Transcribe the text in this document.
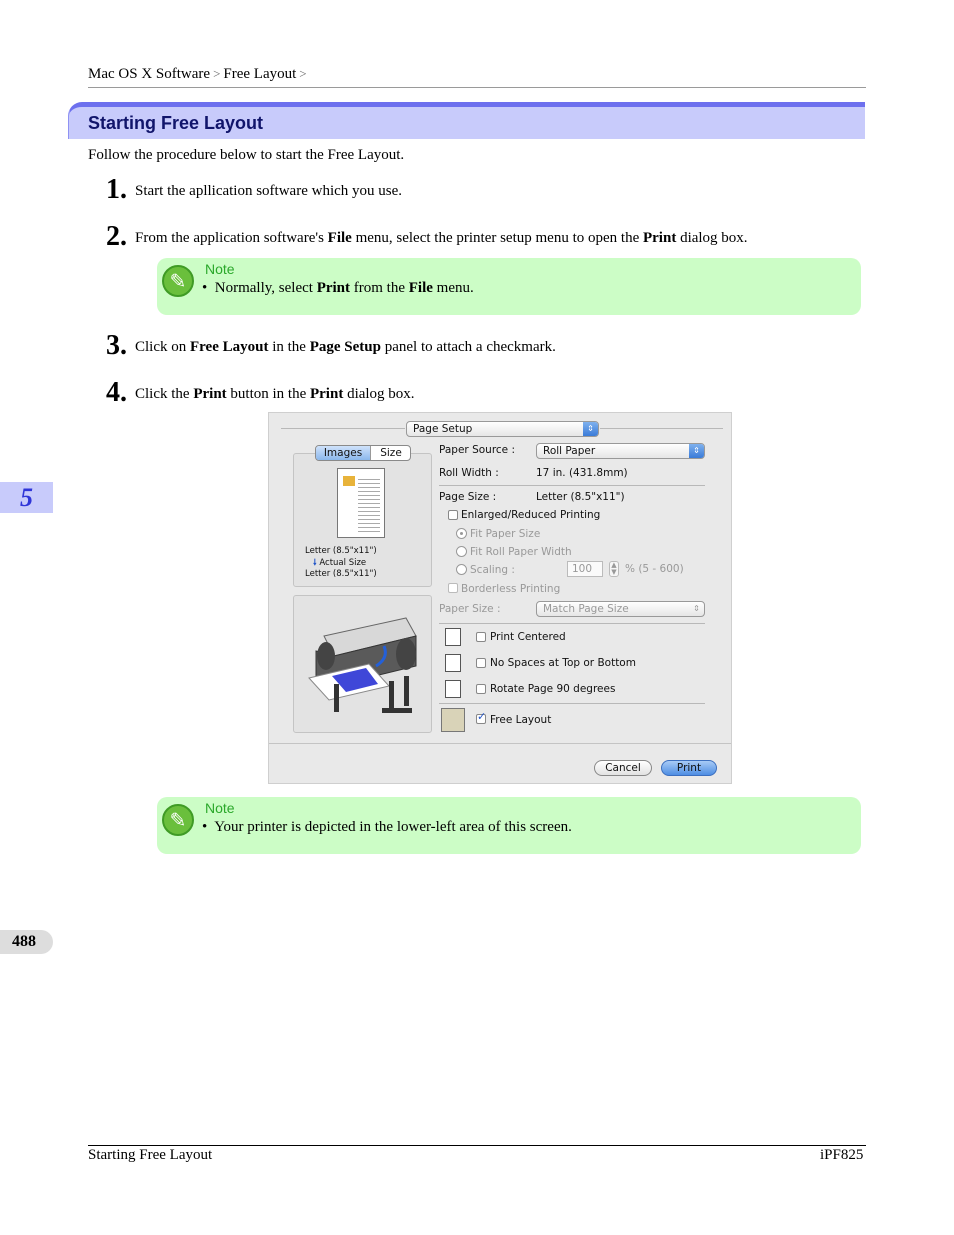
Mac OS X Software > Free Layout >
Starting Free Layout
Follow the procedure below to start the Free Layout.
1. Start the apllication software which you use.
2. From the application software's File menu, select the printer setup menu to open the Print dialog box.
✎	Note
• Normally, select Print from the File menu.
3. Click on Free Layout in the Page Setup panel to attach a checkmark.
4. Click the Print button in the Print dialog box.
Page Setup	⇕
Images	Size
Letter (8.5"x11")
🠗 Actual Size
Letter (8.5"x11")
Paper Source :	Roll Paper	⇕
Roll Width :	17 in. (431.8mm)
Page Size :	Letter (8.5"x11")
Enlarged/Reduced Printing
Fit Paper Size
Fit Roll Paper Width
Scaling :	100	▲
▼ % (5 - 600)
Borderless Printing
Paper Size :	Match Page Size	⇕
Print Centered
No Spaces at Top or Bottom
Rotate Page 90 degrees
✓ Free Layout
Cancel	Print
✎	Note
• Your printer is depicted in the lower-left area of this screen.
5
488
Starting Free Layout	iPF825
